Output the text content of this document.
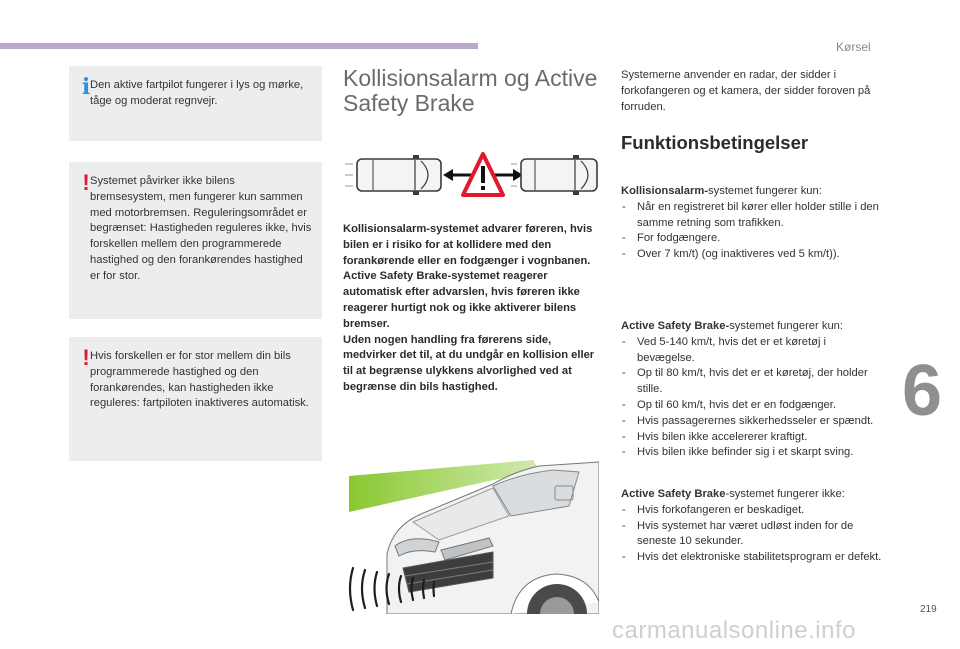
Kørsel
i Den aktive fartpilot fungerer i lys og mørke, tåge og moderat regnvejr.
! Systemet påvirker ikke bilens bremsesystem, men fungerer kun sammen med motorbremsen. Reguleringsområdet er begrænset: Hastigheden reguleres ikke, hvis forskellen mellem den programmerede hastighed og den forankørendes hastighed er for stor.
! Hvis forskellen er for stor mellem din bils programmerede hastighed og den forankørendes, kan hastigheden ikke reguleres: fartpiloten inaktiveres automatisk.
Kollisionsalarm og Active Safety Brake
Kollisionsalarm-systemet advarer føreren, hvis bilen er i risiko for at kollidere med den forankørende eller en fodgænger i vognbanen.
Active Safety Brake-systemet reagerer automatisk efter advarslen, hvis føreren ikke reagerer hurtigt nok og ikke aktiverer bilens bremser.
Uden nogen handling fra førerens side, medvirker det til, at du undgår en kollision eller til at begrænse ulykkens alvorlighed ved at begrænse din bils hastighed.
Systemerne anvender en radar, der sidder i forkofangeren og et kamera, der sidder foroven på forruden.
Funktionsbetingelser
Kollisionsalarm-systemet fungerer kun:
- Når en registreret bil kører eller holder stille i den samme retning som trafikken.
- For fodgængere.
- Over 7 km/t) (og inaktiveres ved 5 km/t)).
Active Safety Brake-systemet fungerer kun:
- Ved 5-140 km/t, hvis det er et køretøj i bevægelse.
- Op til 80 km/t, hvis det er et køretøj, der holder stille.
- Op til 60 km/t, hvis det er en fodgænger.
- Hvis passagerernes sikkerhedsseler er spændt.
- Hvis bilen ikke accelererer kraftigt.
- Hvis bilen ikke befinder sig i et skarpt sving.
Active Safety Brake-systemet fungerer ikke:
- Hvis forkofangeren er beskadiget.
- Hvis systemet har været udløst inden for de seneste 10 sekunder.
- Hvis det elektroniske stabilitetsprogram er defekt.
6
219
carmanualsonline.info
